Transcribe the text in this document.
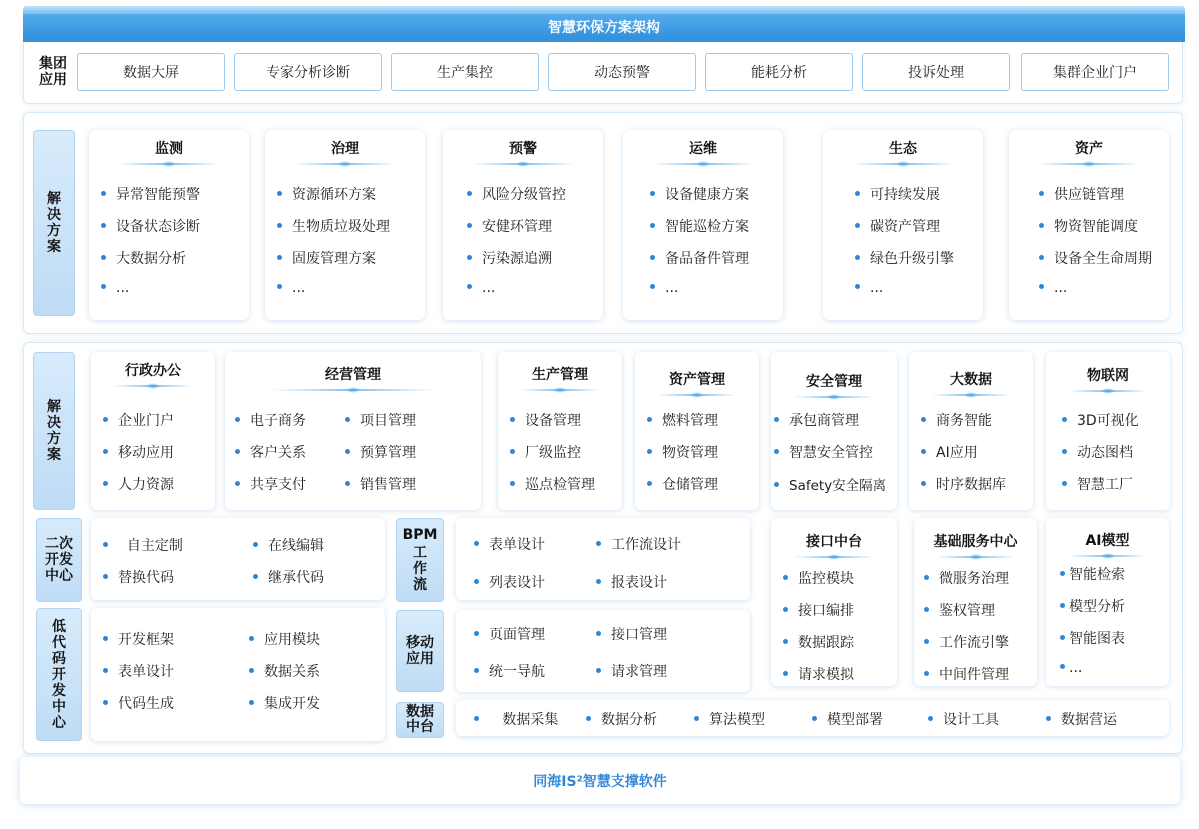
智慧环保方案架构
集团应用	数据大屏	专家分析诊断	生产集控	动态预警	能耗分析	投诉处理	集群企业门户
解决方案
监测
异常智能预警
设备状态诊断
大数据分析
...
治理
资源循环方案
生物质垃圾处理
固废管理方案
...
预警
风险分级管控
安健环管理
污染源追溯
...
运维
设备健康方案
智能巡检方案
备品备件管理
...
生态
可持续发展
碳资产管理
绿色升级引擎
...
资产
供应链管理
物资智能调度
设备全生命周期
...
解决方案
行政办公
企业门户
移动应用
人力资源
经营管理
电子商务	项目管理
客户关系	预算管理
共享支付	销售管理
生产管理
设备管理
厂级监控
巡点检管理
资产管理
燃料管理
物资管理
仓储管理
安全管理
承包商管理
智慧安全管控
Safety安全隔离
大数据
商务智能
AI应用
时序数据库
物联网
3D可视化
动态图档
智慧工厂
二次开发中心
自主定制	在线编辑
替换代码	继承代码
低代码开发中心
开发框架	应用模块
表单设计	数据关系
代码生成	集成开发
BPM
工作流
表单设计	工作流设计
列表设计	报表设计
移动应用
页面管理	接口管理
统一导航	请求管理
数据中台	数据采集	数据分析	算法模型	模型部署	设计工具	数据营运
接口中台
监控模块
接口编排
数据跟踪
请求模拟
基础服务中心
微服务治理
鉴权管理
工作流引擎
中间件管理
AI模型
智能检索
模型分析
智能图表
...
同海IS²智慧支撑软件
